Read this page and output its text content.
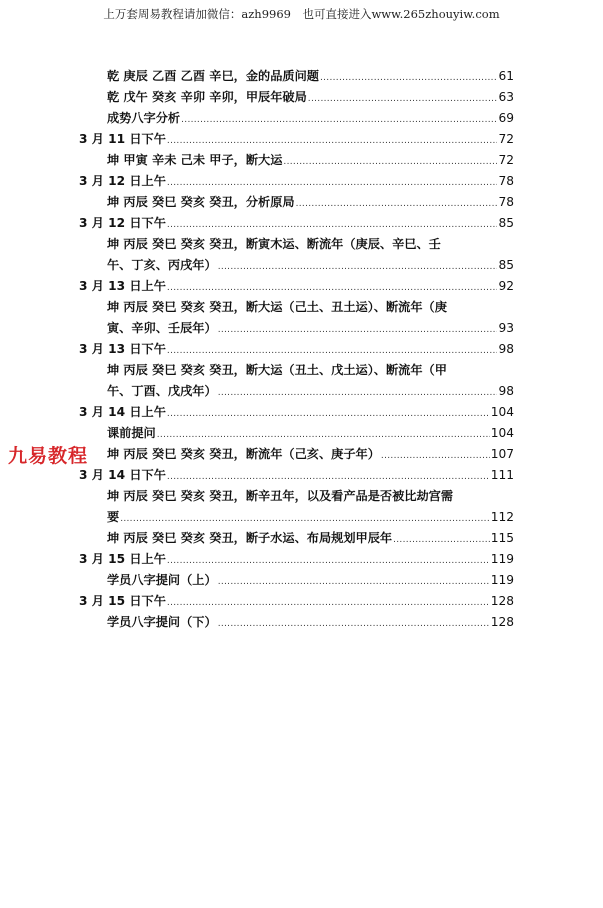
上万套周易教程请加微信：azh9969　也可直接进入www.265zhouyiw.com
乾 庚辰 乙酉 乙酉 辛巳，金的品质问题 .....	61
乾 戊午 癸亥 辛卯 辛卯，甲辰年破局 .....	63
成势八字分析 .....	69
3 月 11 日下午 .....	72
坤 甲寅 辛未 己未 甲子，断大运 .....	72
3 月 12 日上午 .....	78
坤 丙辰 癸巳 癸亥 癸丑，分析原局 .....	78
3 月 12 日下午 .....	85
坤 丙辰 癸巳 癸亥 癸丑，断寅木运、断流年（庚辰、辛巳、壬
午、丁亥、丙戌年） .....	85
3 月 13 日上午 .....	92
坤 丙辰 癸巳 癸亥 癸丑，断大运（己土、丑土运）、断流年（庚
寅、辛卯、壬辰年） .....	93
3 月 13 日下午 .....	98
坤 丙辰 癸巳 癸亥 癸丑，断大运（丑土、戊土运）、断流年（甲
午、丁酉、戊戌年） .....	98
3 月 14 日上午 .....	104
课前提问 .....	104
坤 丙辰 癸巳 癸亥 癸丑，断流年（己亥、庚子年） .....	107
3 月 14 日下午 .....	111
坤 丙辰 癸巳 癸亥 癸丑，断辛丑年，以及看产品是否被比劫宫需
要 .....	112
坤 丙辰 癸巳 癸亥 癸丑，断子水运、布局规划甲辰年 .....	115
3 月 15 日上午 .....	119
学员八字提问（上） .....	119
3 月 15 日下午 .....	128
学员八字提问（下） .....	128
九易教程
